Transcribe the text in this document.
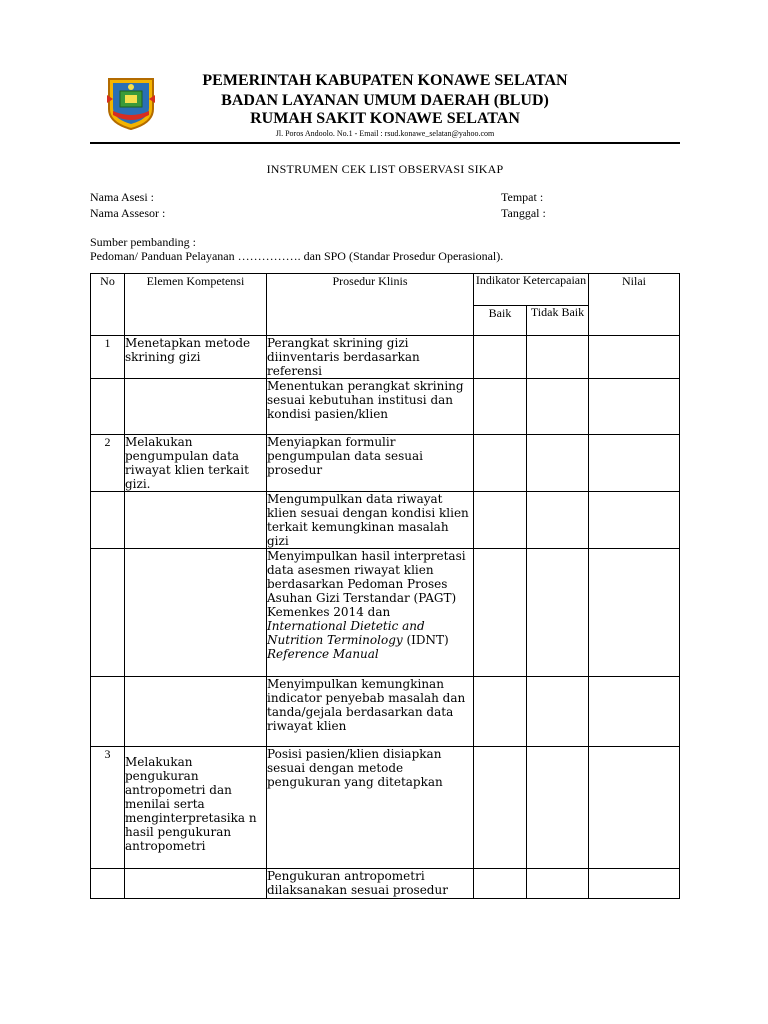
PEMERINTAH KABUPATEN KONAWE SELATAN
BADAN LAYANAN UMUM DAERAH (BLUD)
RUMAH SAKIT KONAWE SELATAN
Jl. Poros Andoolo. No.1 - Email : rsud.konawe_selatan@yahoo.com
INSTRUMEN CEK LIST OBSERVASI SIKAP
Nama Asesi :
Nama Assesor :
Tempat :
Tanggal :
Sumber pembanding :
Pedoman/ Panduan Pelayanan ……………. dan SPO (Standar Prosedur Operasional).
No	Elemen Kompetensi	Prosedur Klinis	Indikator Ketercapaian		Nilai
			Baik	Tidak Baik	
1	Menetapkan metode skrining gizi	Perangkat skrining gizi diinventaris berdasarkan referensi			
		Menentukan perangkat skrining sesuai kebutuhan institusi dan kondisi pasien/klien			
2	Melakukan pengumpulan data riwayat klien terkait gizi.	Menyiapkan formulir pengumpulan data sesuai prosedur			
		Mengumpulkan data riwayat klien sesuai dengan kondisi klien terkait kemungkinan masalah gizi			
		Menyimpulkan hasil interpretasi data asesmen riwayat klien berdasarkan Pedoman Proses Asuhan Gizi Terstandar (PAGT) Kemenkes 2014 dan International Dietetic and Nutrition Terminology (IDNT) Reference Manual			
		Menyimpulkan kemungkinan indicator penyebab masalah dan tanda/gejala berdasarkan data riwayat klien			
3	Melakukan pengukuran antropometri dan menilai serta menginterpretasika n hasil pengukuran antropometri	Posisi pasien/klien disiapkan sesuai dengan metode pengukuran yang ditetapkan			
		Pengukuran antropometri dilaksanakan sesuai prosedur			
